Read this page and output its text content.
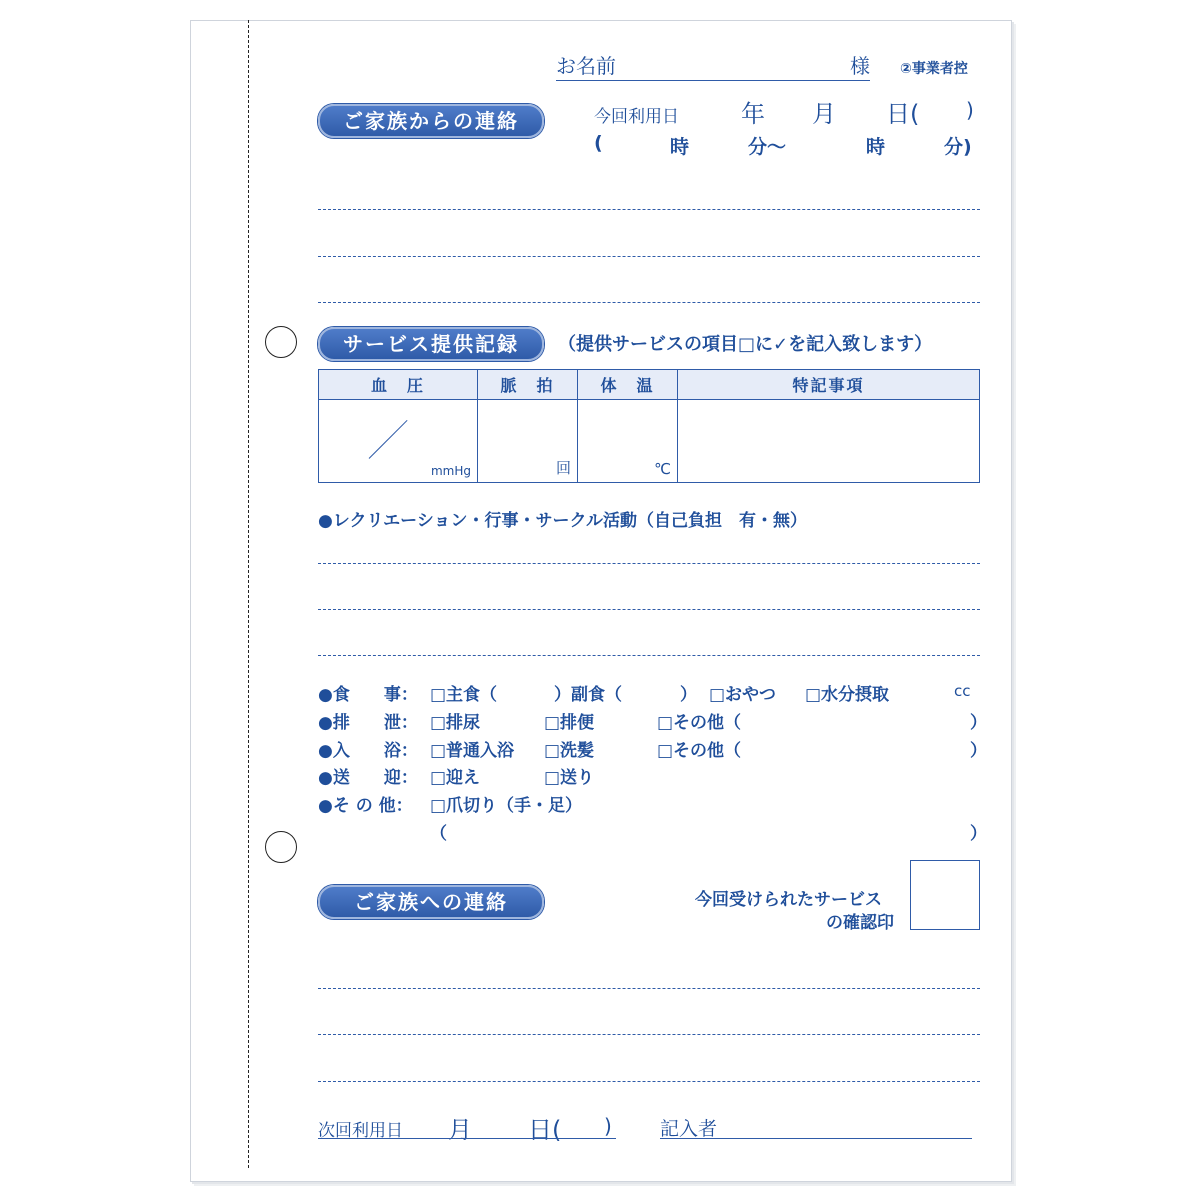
お名前	様 ②事業者控
ご家族からの連絡	今回利用日	年 月 日( )
(	時	分～	時	分)
サービス提供記録	（提供サービスの項目□に✓を記入致します）
血　圧	脈　拍	体　温	特記事項

mmHg	回	℃	

●レクリエーション・行事・サークル活動（自己負担　有・無）
●食　　事： □主食（	）副食（	） □おやつ □水分摂取	cc
●排　　泄： □排尿	□排便	□その他（	）
●入　　浴： □普通入浴 □洗髪	□その他（	）
●送　　迎： □迎え	□送り
●そ の 他： □爪切り（手・足）
（	）
ご家族への連絡	今回受けられたサービス
の確認印
次回利用日 月 日( )	記入者
